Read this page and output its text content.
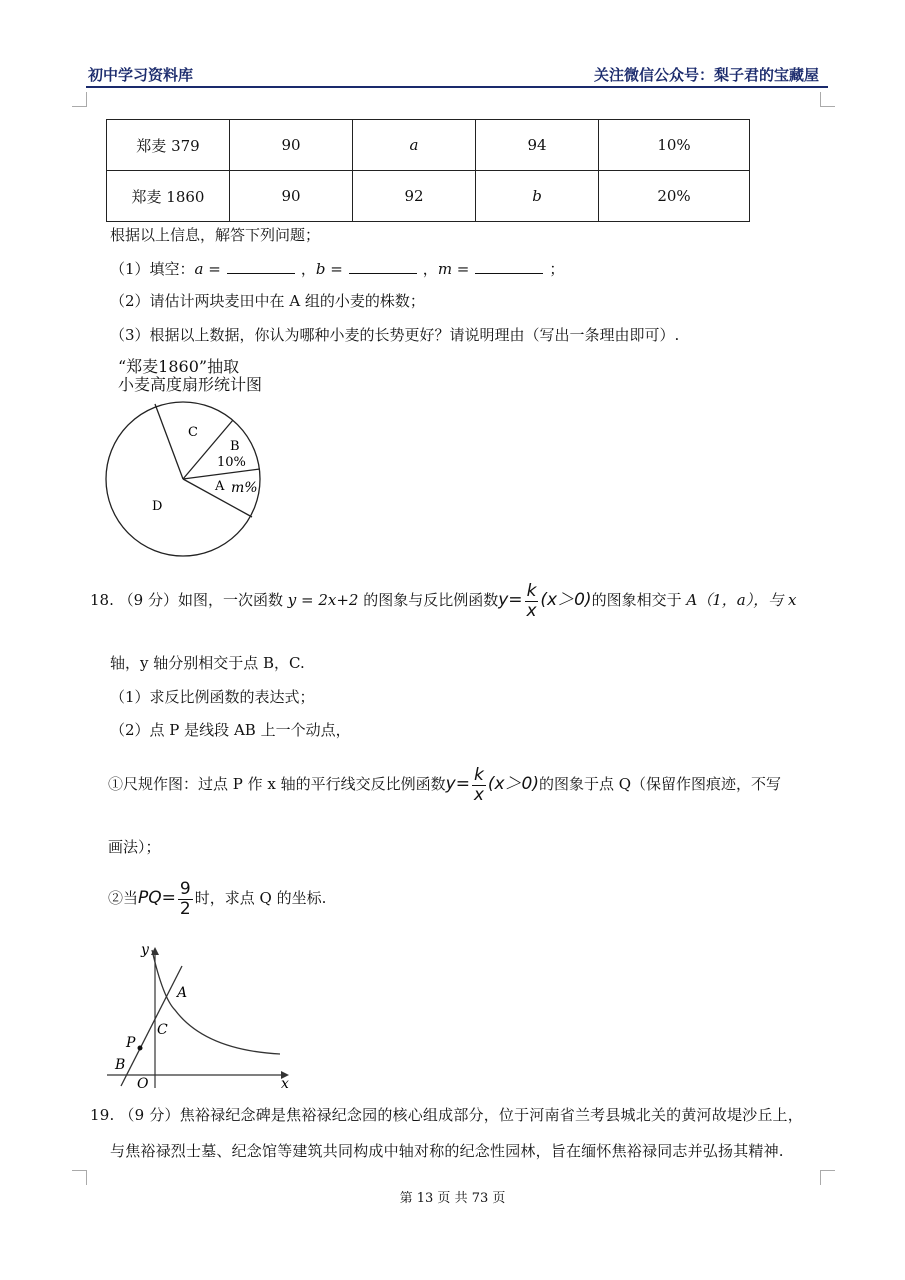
初中学习资料库	关注微信公众号：梨子君的宝藏屋
郑麦 379	90	a	94	10%
郑麦 1860	90	92	b	20%
根据以上信息，解答下列问题；
（1）填空：a =	，b =	，m =	；
（2）请估计两块麦田中在 A 组的小麦的株数；
（3）根据以上数据，你认为哪种小麦的长势更好？请说明理由（写出一条理由即可）.
“郑麦1860”抽取
小麦高度扇形统计图
C
B
10%
A m%
D
18. （9 分）如图，一次函数 y = 2x+2 的图象与反比例函数$y= \frac{k}{x} (x>0)$的图象相交于 A（1，a），与 x
轴，y 轴分别相交于点 B，C.
（1）求反比例函数的表达式；
（2）点 P 是线段 AB 上一个动点，
①尺规作图：过点 P 作 x 轴的平行线交反比例函数$y= \frac{k}{x} (x>0)$的图象于点 Q（保留作图痕迹，不写
画法）；
②当$PQ= \frac{9}{2}$ 时，求点 Q 的坐标.
y
x
O
A
B
C
P
19. （9 分）焦裕禄纪念碑是焦裕禄纪念园的核心组成部分，位于河南省兰考县城北关的黄河故堤沙丘上，
与焦裕禄烈士墓、纪念馆等建筑共同构成中轴对称的纪念性园林，旨在缅怀焦裕禄同志并弘扬其精神.
第 13 页 共 73 页
